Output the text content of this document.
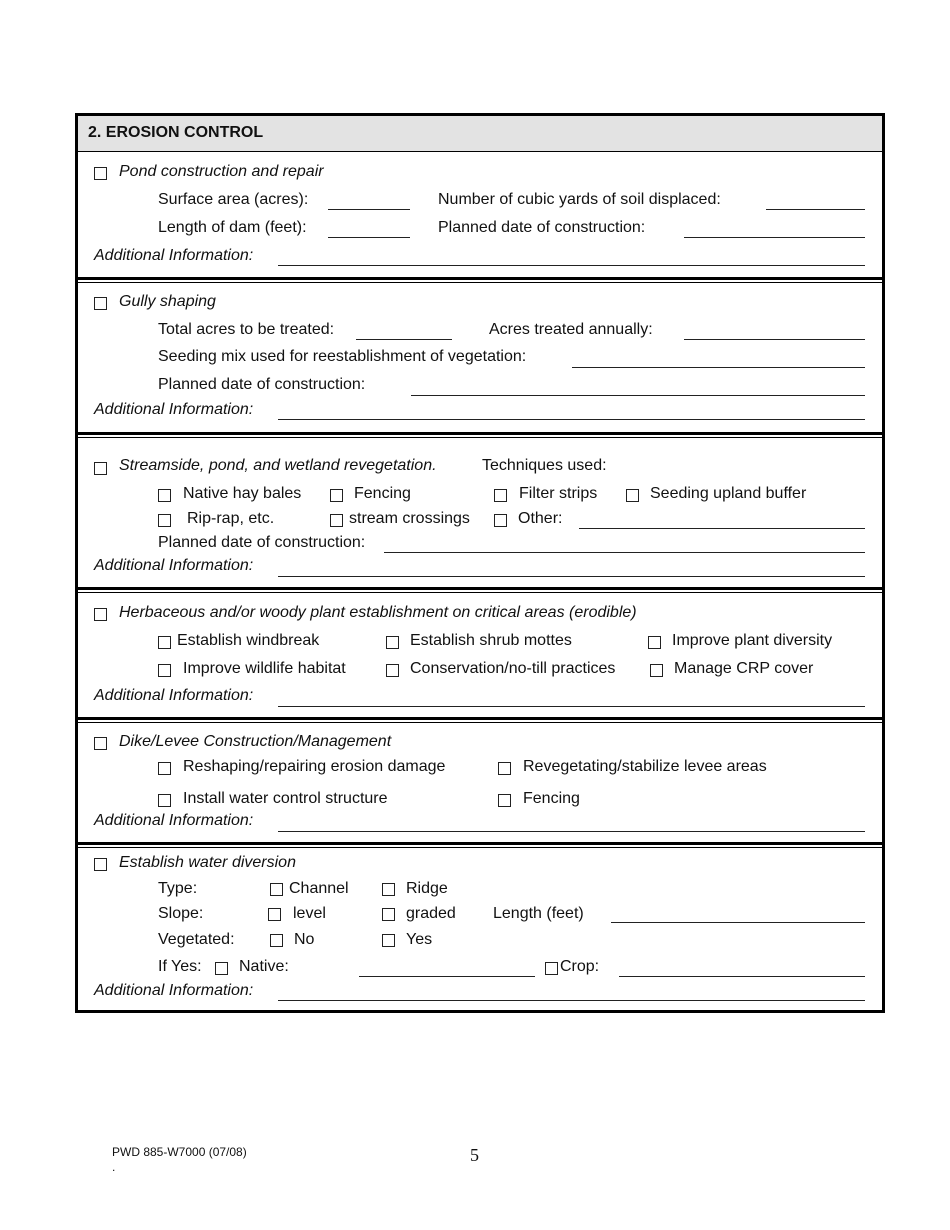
2. EROSION CONTROL
Pond construction and repair
Surface area (acres):	Number of cubic yards of soil displaced:
Length of dam (feet):	Planned date of construction:
Additional Information:
Gully shaping
Total acres to be treated:	Acres treated annually:
Seeding mix used for reestablishment of vegetation:
Planned date of construction:
Additional Information:
Streamside, pond, and wetland revegetation.	Techniques used:
Native hay bales	Fencing	Filter strips	Seeding upland buffer
Rip-rap, etc.	stream crossings	Other:
Planned date of construction:
Additional Information:
Herbaceous and/or woody plant establishment on critical areas (erodible)
Establish windbreak	Establish shrub mottes	Improve plant diversity
Improve wildlife habitat	Conservation/no-till practices	Manage CRP cover
Additional Information:
Dike/Levee Construction/Management
Reshaping/repairing erosion damage	Revegetating/stabilize levee areas
Install water control structure	Fencing
Additional Information:
Establish water diversion
Type:	Channel	Ridge
Slope:	level	graded Length (feet)
Vegetated:	No	Yes
If Yes: Native:	Crop:
Additional Information:
PWD 885-W7000 (07/08)
.
5
